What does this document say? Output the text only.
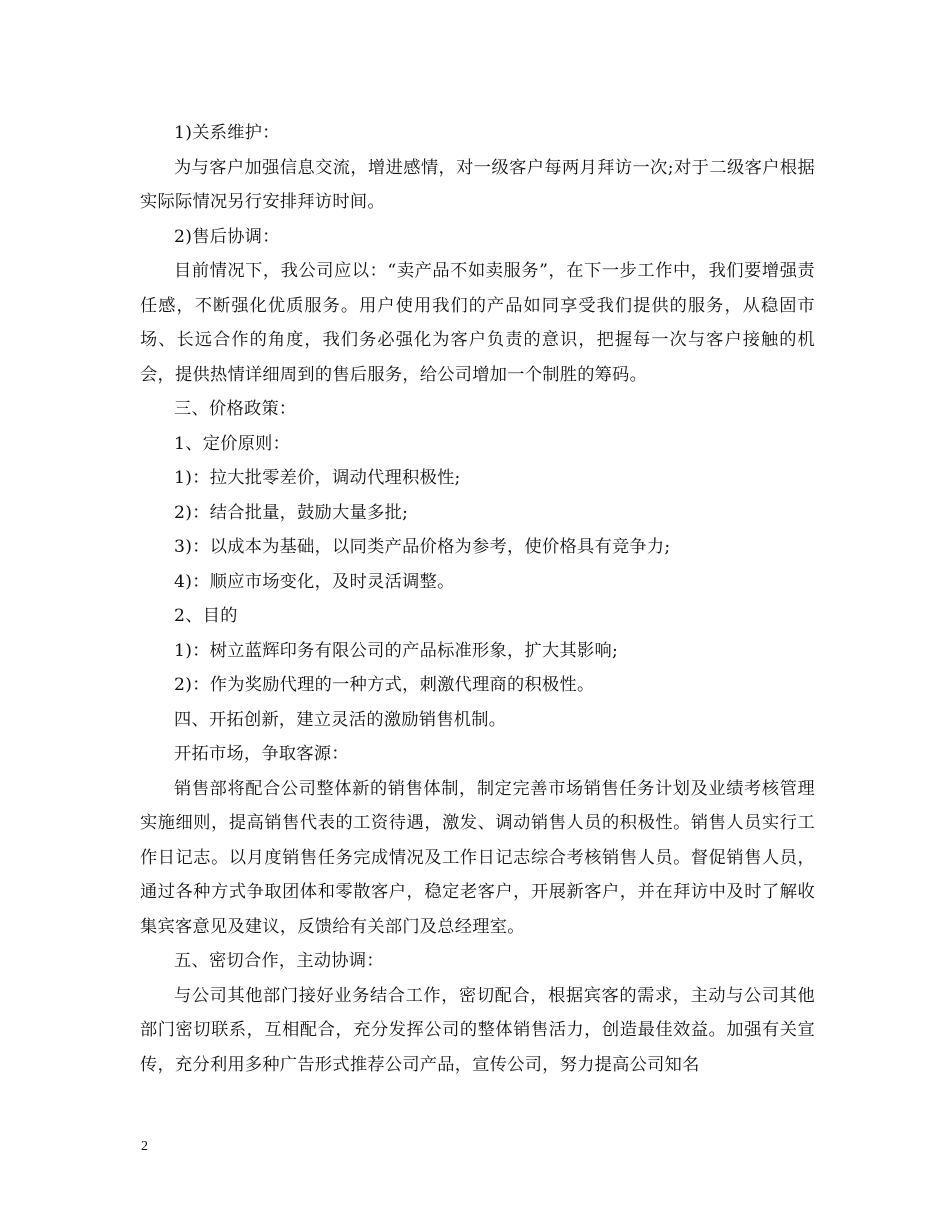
1)关系维护：

为与客户加强信息交流，增进感情，对一级客户每两月拜访一次;对于二级客户根据实际际情况另行安排拜访时间。

2)售后协调：

目前情况下，我公司应以：“卖产品不如卖服务”，在下一步工作中，我们要增强责任感，不断强化优质服务。用户使用我们的产品如同享受我们提供的服务，从稳固市场、长远合作的角度，我们务必强化为客户负责的意识，把握每一次与客户接触的机会，提供热情详细周到的售后服务，给公司增加一个制胜的筹码。

三、价格政策：

1、定价原则：

1)：拉大批零差价，调动代理积极性;

2)：结合批量，鼓励大量多批;

3)：以成本为基础，以同类产品价格为参考，使价格具有竞争力;

4)：顺应市场变化，及时灵活调整。

2、目的

1)：树立蓝辉印务有限公司的产品标准形象，扩大其影响;

2)：作为奖励代理的一种方式，刺激代理商的积极性。

四、开拓创新，建立灵活的激励销售机制。

开拓市场，争取客源：

销售部将配合公司整体新的销售体制，制定完善市场销售任务计划及业绩考核管理实施细则，提高销售代表的工资待遇，激发、调动销售人员的积极性。销售人员实行工作日记志。以月度销售任务完成情况及工作日记志综合考核销售人员。督促销售人员，通过各种方式争取团体和零散客户，稳定老客户，开展新客户，并在拜访中及时了解收集宾客意见及建议，反馈给有关部门及总经理室。

五、密切合作，主动协调：

与公司其他部门接好业务结合工作，密切配合，根据宾客的需求，主动与公司其他部门密切联系，互相配合，充分发挥公司的整体销售活力，创造最佳效益。加强有关宣传，充分利用多种广告形式推荐公司产品，宣传公司，努力提高公司知名

2
